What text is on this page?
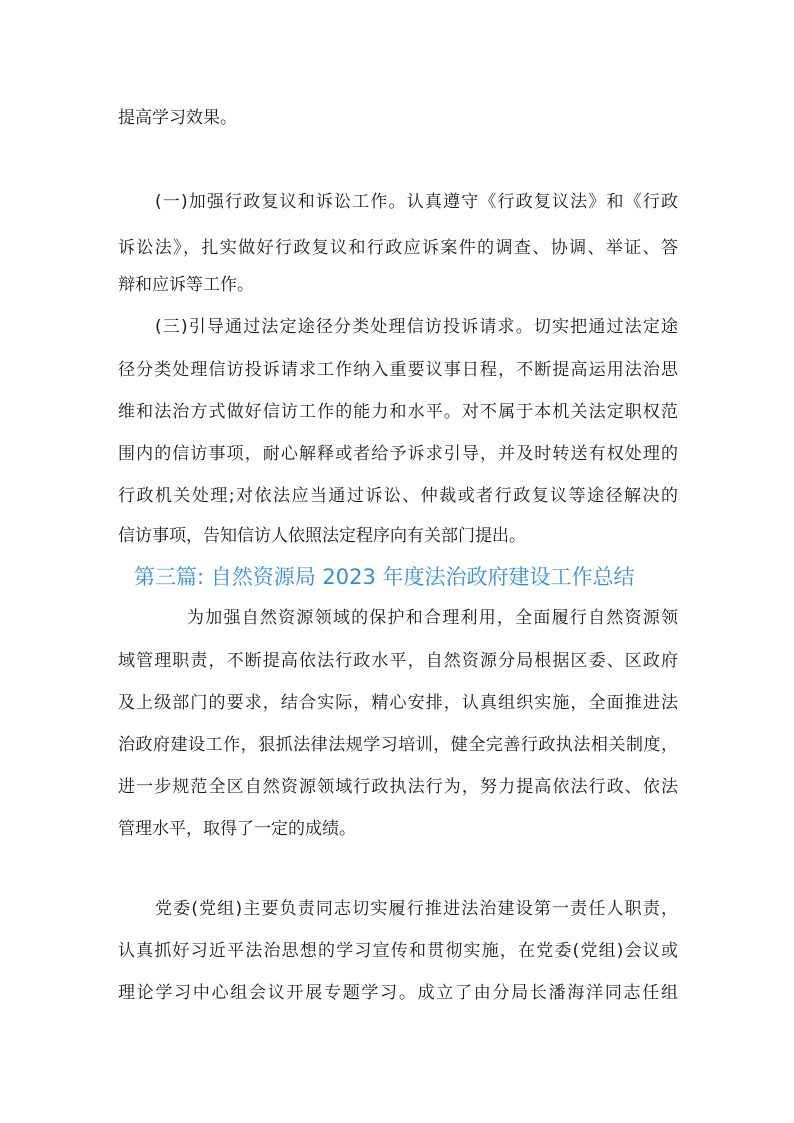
提高学习效果。
(一)加强行政复议和诉讼工作。认真遵守《行政复议法》和《行政
诉讼法》，扎实做好行政复议和行政应诉案件的调查、协调、举证、答
辩和应诉等工作。
(三)引导通过法定途径分类处理信访投诉请求。切实把通过法定途
径分类处理信访投诉请求工作纳入重要议事日程，不断提高运用法治思
维和法治方式做好信访工作的能力和水平。对不属于本机关法定职权范
围内的信访事项，耐心解释或者给予诉求引导，并及时转送有权处理的
行政机关处理;对依法应当通过诉讼、仲裁或者行政复议等途径解决的
信访事项，告知信访人依照法定程序向有关部门提出。
第三篇: 自然资源局 2023 年度法治政府建设工作总结
为加强自然资源领域的保护和合理利用，全面履行自然资源领
域管理职责，不断提高依法行政水平，自然资源分局根据区委、区政府
及上级部门的要求，结合实际，精心安排，认真组织实施，全面推进法
治政府建设工作，狠抓法律法规学习培训，健全完善行政执法相关制度，
进一步规范全区自然资源领域行政执法行为，努力提高依法行政、依法
管理水平，取得了一定的成绩。
党委(党组)主要负责同志切实履行推进法治建设第一责任人职责，
认真抓好习近平法治思想的学习宣传和贯彻实施，在党委(党组)会议或
理论学习中心组会议开展专题学习。成立了由分局长潘海洋同志任组
